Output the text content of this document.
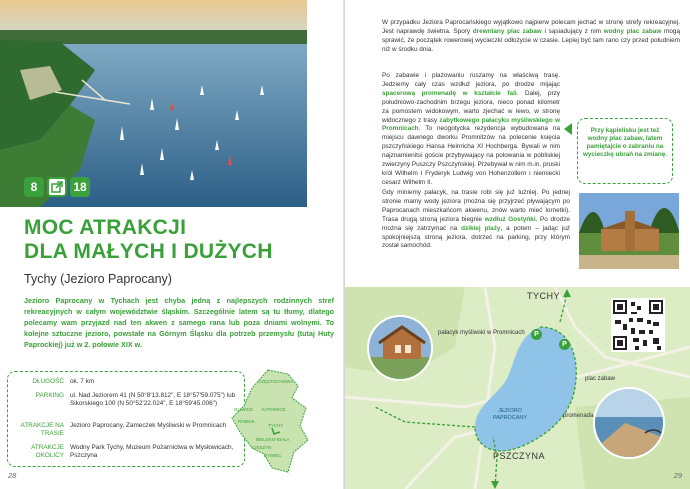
8	18
MOC ATRAKCJI
DLA MAŁYCH I DUŻYCH
Tychy (Jezioro Paprocany)
Jezioro Paprocany w Tychach jest chyba jedną z najlepszych rodzinnych stref rekreacyjnych w całym województwie śląskim. Szczególnie latem są tu tłumy, dlatego polecamy wam przyjazd nad ten akwen z samego rana lub poza dniami wolnymi. To kolejne sztuczne jezioro, powstałe na Górnym Śląsku dla potrzeb przemysłu (tutaj Huty Paprockiej) już w 2. połowie XIX w.
DŁUGOŚĆ ok. 7 km
PARKING ul. Nad Jeziorem 41 (N 50°8'13.812", E 18°57'59.075") lub Sikorskiego 100 (N 50°52'22.024", E 18°59'45.006")
ATRAKCJE NA TRASIE
Jezioro Paprocany, Zameczek Myśliwski w Promnicach
ATRAKCJE OKOLICY
Wodny Park Tychy, Muzeum Pożarnictwa w Mysłowicach, Pszczyna
CZĘSTOCHOWA
GLIWICE KATOWICE
RYBNIK
TYCHY
BIELSKO-BIAŁA
CIESZYN
ŻYWIEC
28
W przypadku Jeziora Paprocańskiego wyjątkowo najpierw polecam jechać w stronę strefy rekreacyjnej. Jest naprawdę świetna. Spory drewniany plac zabaw i sąsiadujący z nim wodny plac zabaw mogą sprawić, że początek rowerowej wycieczki odłożycie w czasie. Lepiej być tam rano czy przed południem niż w środku dnia.
Po zabawie i plażowaniu ruszamy na właściwą trasę. Jedziemy cały czas wzdłuż jeziora, po drodze mijając spacerową promenadę w kształcie fali. Dalej, przy południowo-zachodnim brzegu jeziora, nieco ponad kilometr za pomostem widokowym, warto zjechać w lewo, w stronę widocznego z trasy zabytkowego pałacyku myśliwskiego w Promnicach. To neogotycka rezydencja wybudowana na miejscu dawnego dworku Promnitzów na polecenie księcia pszczyńskiego Hansa Heinricha XI Hochberga. Bywali w nim najznamienitsi goście przybywający na polowania w pobliskiej zwierzyny Puszczy Pszczyńskiej. Przebywał w nim m.in. pruski król Wilhelm I Fryderyk Ludwig von Hohenzollern i niemiecki cesarz Wilhelm II.
Gdy miniemy pałacyk, na trasie robi się już luźniej. Po jednej stronie mamy wody jeziora (można się przyjrzeć pływającym po Paprocanach mieszkańcom akwenu, znów warto mieć lornetki). Trasa drugą stroną jeziora biegnie wzdłuż Gostyńki. Po drodze można się zatrzymać na dzikiej plaży, a potem – jadąc już spokojniejszą stroną jeziora, dotrzeć na parking, przy którym został samochód.
Przy kąpielisku jest też wodny plac zabaw, latem pamiętajcie o zabraniu na wycieczkę ubrań na zmianę.
pałacyk myśliwski w Promnicach
plac zabaw
promenada
JEZIORO PAPROCANY
TYCHY
PSZCZYNA
P
P
29
